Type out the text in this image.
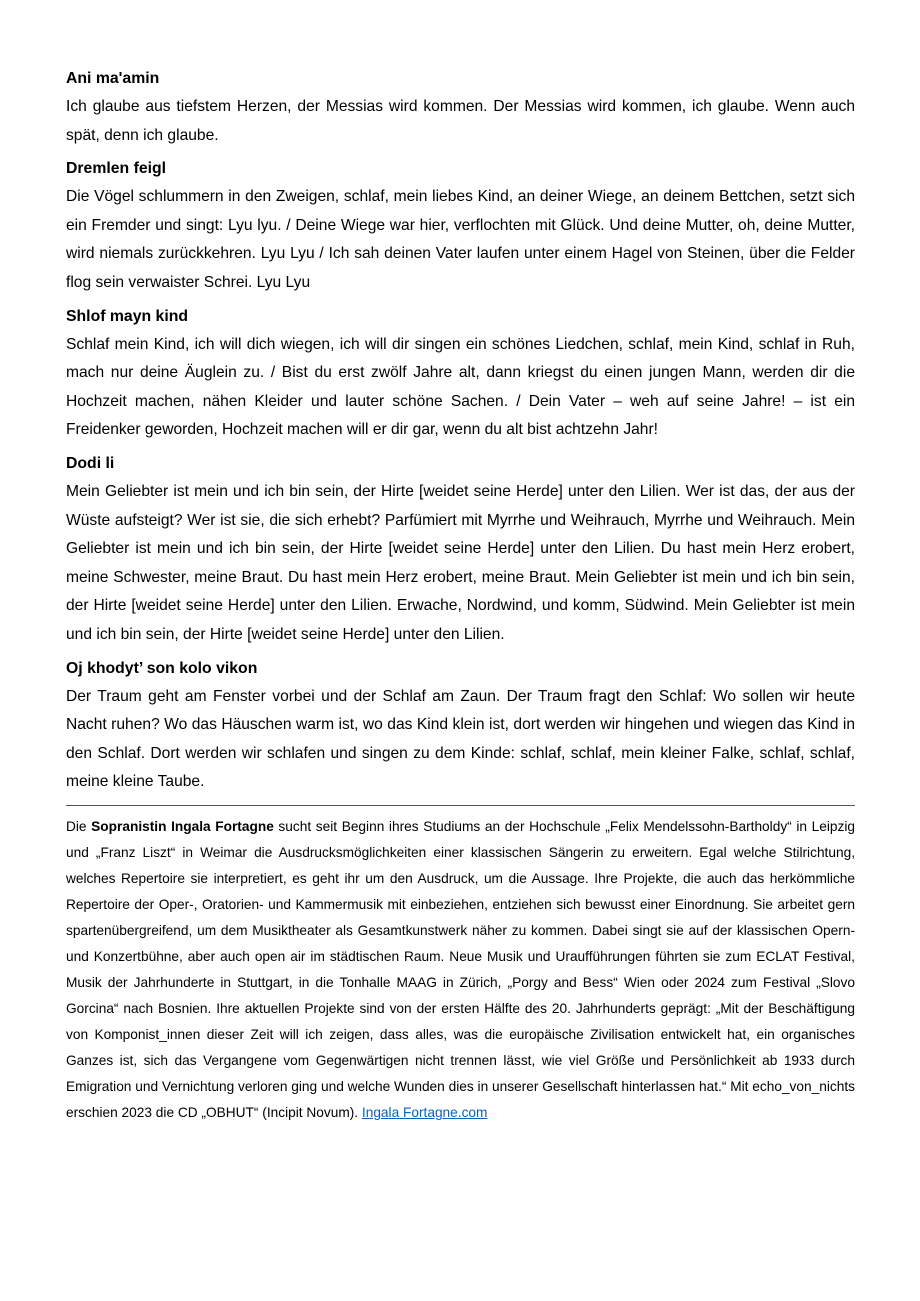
Ani ma'amin

Ich glaube aus tiefstem Herzen, der Messias wird kommen. Der Messias wird kommen, ich glaube. Wenn auch spät, denn ich glaube.

Dremlen feigl

Die Vögel schlummern in den Zweigen, schlaf, mein liebes Kind, an deiner Wiege, an deinem Bettchen, setzt sich ein Fremder und singt: Lyu lyu. / Deine Wiege war hier, verflochten mit Glück. Und deine Mutter, oh, deine Mutter, wird niemals zurückkehren. Lyu Lyu / Ich sah deinen Vater laufen unter einem Hagel von Steinen, über die Felder flog sein verwaister Schrei. Lyu Lyu

Shlof mayn kind

Schlaf mein Kind, ich will dich wiegen, ich will dir singen ein schönes Liedchen, schlaf, mein Kind, schlaf in Ruh, mach nur deine Äuglein zu. / Bist du erst zwölf Jahre alt, dann kriegst du einen jungen Mann, werden dir die Hochzeit machen, nähen Kleider und lauter schöne Sachen. / Dein Vater – weh auf seine Jahre! – ist ein Freidenker geworden, Hochzeit machen will er dir gar, wenn du alt bist achtzehn Jahr!

Dodi li

Mein Geliebter ist mein und ich bin sein, der Hirte [weidet seine Herde] unter den Lilien. Wer ist das, der aus der Wüste aufsteigt? Wer ist sie, die sich erhebt? Parfümiert mit Myrrhe und Weihrauch, Myrrhe und Weihrauch. Mein Geliebter ist mein und ich bin sein, der Hirte [weidet seine Herde] unter den Lilien. Du hast mein Herz erobert, meine Schwester, meine Braut. Du hast mein Herz erobert, meine Braut. Mein Geliebter ist mein und ich bin sein, der Hirte [weidet seine Herde] unter den Lilien. Erwache, Nordwind, und komm, Südwind. Mein Geliebter ist mein und ich bin sein, der Hirte [weidet seine Herde] unter den Lilien.

Oj khodyt’ son kolo vikon

Der Traum geht am Fenster vorbei und der Schlaf am Zaun. Der Traum fragt den Schlaf: Wo sollen wir heute Nacht ruhen? Wo das Häuschen warm ist, wo das Kind klein ist, dort werden wir hingehen und wiegen das Kind in den Schlaf. Dort werden wir schlafen und singen zu dem Kinde: schlaf, schlaf, mein kleiner Falke, schlaf, schlaf, meine kleine Taube.

Die Sopranistin Ingala Fortagne sucht seit Beginn ihres Studiums an der Hochschule „Felix Mendelssohn-Bartholdy“ in Leipzig und „Franz Liszt“ in Weimar die Ausdrucksmöglichkeiten einer klassischen Sängerin zu erweitern. Egal welche Stilrichtung, welches Repertoire sie interpretiert, es geht ihr um den Ausdruck, um die Aussage. Ihre Projekte, die auch das herkömmliche Repertoire der Oper-, Oratorien- und Kammermusik mit einbeziehen, entziehen sich bewusst einer Einordnung. Sie arbeitet gern spartenübergreifend, um dem Musiktheater als Gesamtkunstwerk näher zu kommen. Dabei singt sie auf der klassischen Opern- und Konzertbühne, aber auch open air im städtischen Raum. Neue Musik und Uraufführungen führten sie zum ECLAT Festival, Musik der Jahrhunderte in Stuttgart, in die Tonhalle MAAG in Zürich, „Porgy and Bess“ Wien oder 2024 zum Festival „Slovo Gorcina“ nach Bosnien. Ihre aktuellen Projekte sind von der ersten Hälfte des 20. Jahrhunderts geprägt: „Mit der Beschäftigung von Komponist_innen dieser Zeit will ich zeigen, dass alles, was die europäische Zivilisation entwickelt hat, ein organisches Ganzes ist, sich das Vergangene vom Gegenwärtigen nicht trennen lässt, wie viel Größe und Persönlichkeit ab 1933 durch Emigration und Vernichtung verloren ging und welche Wunden dies in unserer Gesellschaft hinterlassen hat.“ Mit echo_von_nichts erschien 2023 die CD „OBHUT“ (Incipit Novum). Ingala Fortagne.com
